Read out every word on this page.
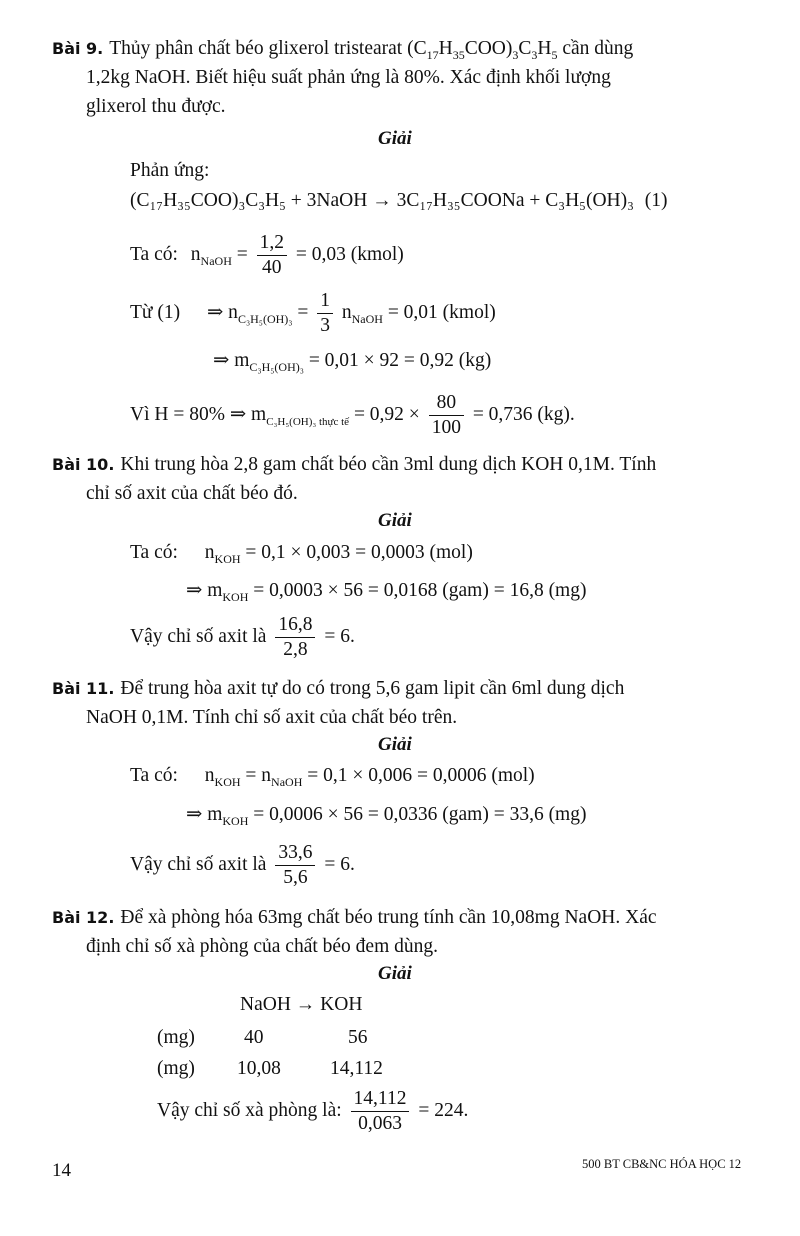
Bài 9. Thủy phân chất béo glixerol tristearat $(C_{17}H_{35}COO)_3C_3H_5$ cần dùng
1,2kg NaOH. Biết hiệu suất phản ứng là 80%. Xác định khối lượng
glixerol thu được.
Giải
Phản ứng:
(C₁₇H₃₅COO)₃C₃H₅ + 3NaOH → 3C₁₇H₃₅COONa + C₃H₅(OH)₃ (1)
Ta có: $n_{NaOH} = \frac{1,2}{40} = 0,03$ (kmol)
Từ (1) ⇒ $n_{C_3H_5(OH)_3} = \frac{1}{3} n_{NaOH} = 0,01$ (kmol)
⇒ $m_{C_3H_5(OH)_3} = 0,01 \times 92 = 0,92$ (kg)
Vì H = 80% ⇒ $m_{C_3H_5(OH)_3 thực tế} = 0,92 \times \frac{80}{100} = 0,736$ (kg).
Bài 10. Khi trung hòa 2,8 gam chất béo cần 3ml dung dịch KOH 0,1M. Tính
chỉ số axit của chất béo đó.
Giải
Ta có: $n_{KOH} = 0,1 \times 0,003 = 0,0003$ (mol)
⇒ $m_{KOH} = 0,0003 \times 56 = 0,0168$ (gam) = 16,8 (mg)
Vậy chỉ số axit là $\frac{16,8}{2,8} = 6$.
Bài 11. Để trung hòa axit tự do có trong 5,6 gam lipit cần 6ml dung dịch
NaOH 0,1M. Tính chỉ số axit của chất béo trên.
Giải
Ta có: $n_{KOH} = n_{NaOH} = 0,1 \times 0,006 = 0,0006$ (mol)
⇒ $m_{KOH} = 0,0006 \times 56 = 0,0336$ (gam) = 33,6 (mg)
Vậy chỉ số axit là $\frac{33,6}{5,6} = 6$.
Bài 12. Để xà phòng hóa 63mg chất béo trung tính cần 10,08mg NaOH. Xác
định chỉ số xà phòng của chất béo đem dùng.
Giải
NaOH → KOH
(mg)	40	56
(mg) 10,08	14,112
Vậy chỉ số xà phòng là: $\frac{14,112}{0,063} = 224$.
14	500 BT CB&NC HÓA HỌC 12
